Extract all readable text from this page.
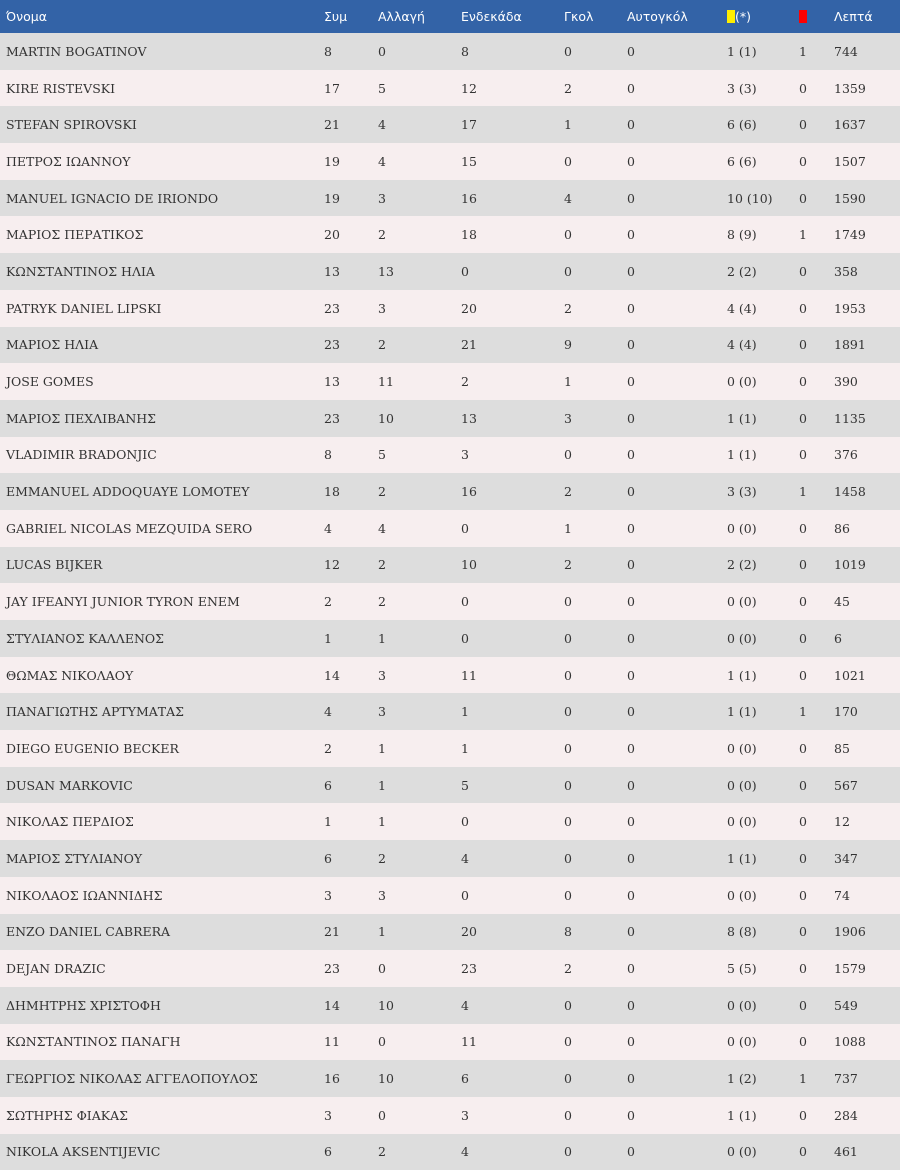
Όνομα	Συμ	Αλλαγή	Ενδεκάδα	Γκολ	Αυτογκόλ	(*)		Λεπτά
MARTIN BOGATINOV	8	0	8	0	0	1 (1)	1	744
KIRE RISTEVSKI	17	5	12	2	0	3 (3)	0	1359
STEFAN SPIROVSKI	21	4	17	1	0	6 (6)	0	1637
ΠΕΤΡΟΣ ΙΩΑΝΝΟΥ	19	4	15	0	0	6 (6)	0	1507
MANUEL IGNACIO DE IRIONDO	19	3	16	4	0	10 (10)	0	1590
ΜΑΡΙΟΣ ΠΕΡΑΤΙΚΟΣ	20	2	18	0	0	8 (9)	1	1749
ΚΩΝΣΤΑΝΤΙΝΟΣ ΗΛΙΑ	13	13	0	0	0	2 (2)	0	358
PATRYK DANIEL LIPSKI	23	3	20	2	0	4 (4)	0	1953
ΜΑΡΙΟΣ ΗΛΙΑ	23	2	21	9	0	4 (4)	0	1891
JOSE GOMES	13	11	2	1	0	0 (0)	0	390
ΜΑΡΙΟΣ ΠΕΧΛΙΒΑΝΗΣ	23	10	13	3	0	1 (1)	0	1135
VLADIMIR BRADONJIC	8	5	3	0	0	1 (1)	0	376
EMMANUEL ADDOQUAYE LOMOTEY	18	2	16	2	0	3 (3)	1	1458
GABRIEL NICOLAS MEZQUIDA SERO	4	4	0	1	0	0 (0)	0	86
LUCAS BIJKER	12	2	10	2	0	2 (2)	0	1019
JAY IFEANYI JUNIOR TYRON ENEM	2	2	0	0	0	0 (0)	0	45
ΣΤΥΛΙΑΝΟΣ ΚΑΛΛΕΝΟΣ	1	1	0	0	0	0 (0)	0	6
ΘΩΜΑΣ ΝΙΚΟΛΑΟΥ	14	3	11	0	0	1 (1)	0	1021
ΠΑΝΑΓΙΩΤΗΣ ΑΡΤΥΜΑΤΑΣ	4	3	1	0	0	1 (1)	1	170
DIEGO EUGENIO BECKER	2	1	1	0	0	0 (0)	0	85
DUSAN MARKOVIC	6	1	5	0	0	0 (0)	0	567
ΝΙΚΟΛΑΣ ΠΕΡΔΙΟΣ	1	1	0	0	0	0 (0)	0	12
ΜΑΡΙΟΣ ΣΤΥΛΙΑΝΟΥ	6	2	4	0	0	1 (1)	0	347
ΝΙΚΟΛΑΟΣ ΙΩΑΝΝΙΔΗΣ	3	3	0	0	0	0 (0)	0	74
ENZO DANIEL CABRERA	21	1	20	8	0	8 (8)	0	1906
DEJAN DRAZIC	23	0	23	2	0	5 (5)	0	1579
ΔΗΜΗΤΡΗΣ ΧΡΙΣΤΟΦΗ	14	10	4	0	0	0 (0)	0	549
ΚΩΝΣΤΑΝΤΙΝΟΣ ΠΑΝΑΓΗ	11	0	11	0	0	0 (0)	0	1088
ΓΕΩΡΓΙΟΣ ΝΙΚΟΛΑΣ ΑΓΓΕΛΟΠΟΥΛΟΣ	16	10	6	0	0	1 (2)	1	737
ΣΩΤΗΡΗΣ ΦΙΑΚΑΣ	3	0	3	0	0	1 (1)	0	284
NIKOLA AKSENTIJEVIC	6	2	4	0	0	0 (0)	0	461
